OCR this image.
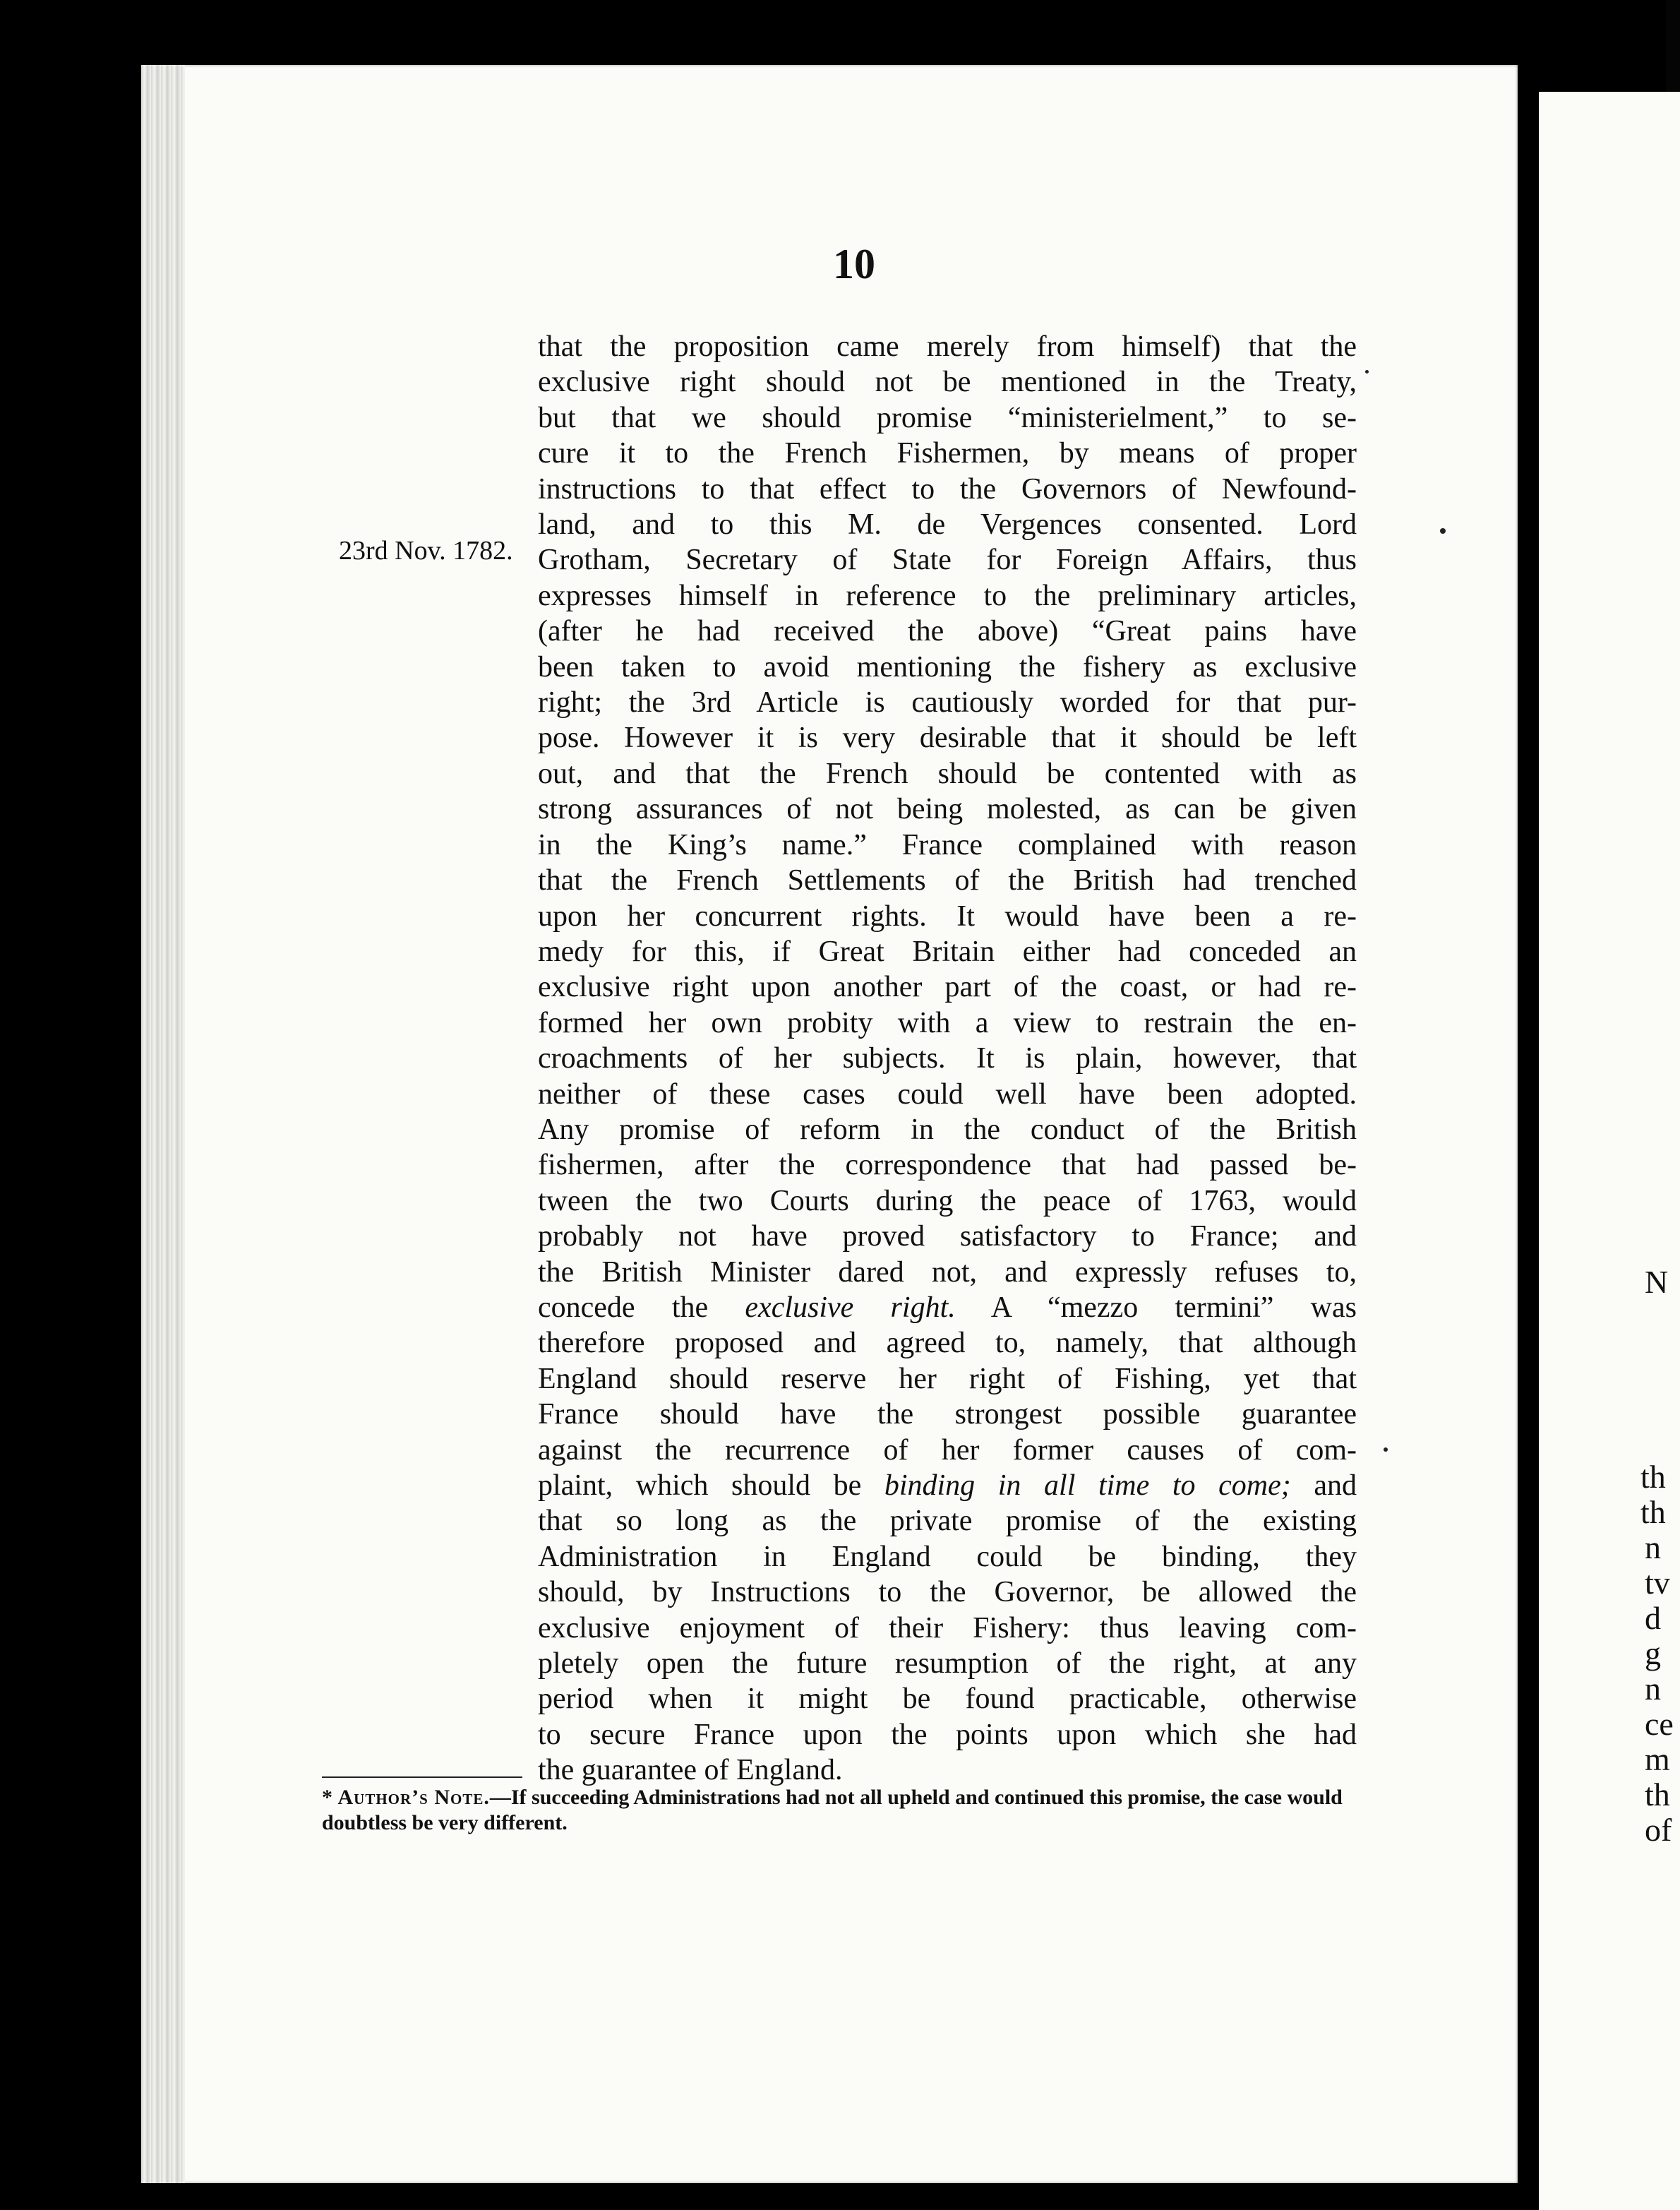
N
th
th
n
tv
d
g
n
ce
m
th
of
10
23rd Nov. 1782.
that the proposition came merely from himself) that the
exclusive right should not be mentioned in the Treaty,
but that we should promise “ministerielment,” to se-
cure it to the French Fishermen, by means of proper
instructions to that effect to the Governors of Newfound-
land, and to this M. de Vergences consented. Lord
Grotham, Secretary of State for Foreign Affairs, thus
expresses himself in reference to the preliminary articles,
(after he had received the above) “Great pains have
been taken to avoid mentioning the fishery as exclusive
right; the 3rd Article is cautiously worded for that pur-
pose. However it is very desirable that it should be left
out, and that the French should be contented with as
strong assurances of not being molested, as can be given
in the King’s name.” France complained with reason
that the French Settlements of the British had trenched
upon her concurrent rights. It would have been a re-
medy for this, if Great Britain either had conceded an
exclusive right upon another part of the coast, or had re-
formed her own probity with a view to restrain the en-
croachments of her subjects. It is plain, however, that
neither of these cases could well have been adopted.
Any promise of reform in the conduct of the British
fishermen, after the correspondence that had passed be-
tween the two Courts during the peace of 1763, would
probably not have proved satisfactory to France; and
the British Minister dared not, and expressly refuses to,
concede the exclusive right. A “mezzo termini” was
therefore proposed and agreed to, namely, that although
England should reserve her right of Fishing, yet that
France should have the strongest possible guarantee
against the recurrence of her former causes of com-
plaint, which should be binding in all time to come; and
that so long as the private promise of the existing
Administration in England could be binding, they
should, by Instructions to the Governor, be allowed the
exclusive enjoyment of their Fishery: thus leaving com-
pletely open the future resumption of the right, at any
period when it might be found practicable, otherwise
to secure France upon the points upon which she had
the guarantee of England.
* Author’s Note.—If succeeding Administrations had not all upheld and continued this promise, the case would doubtless be very different.
